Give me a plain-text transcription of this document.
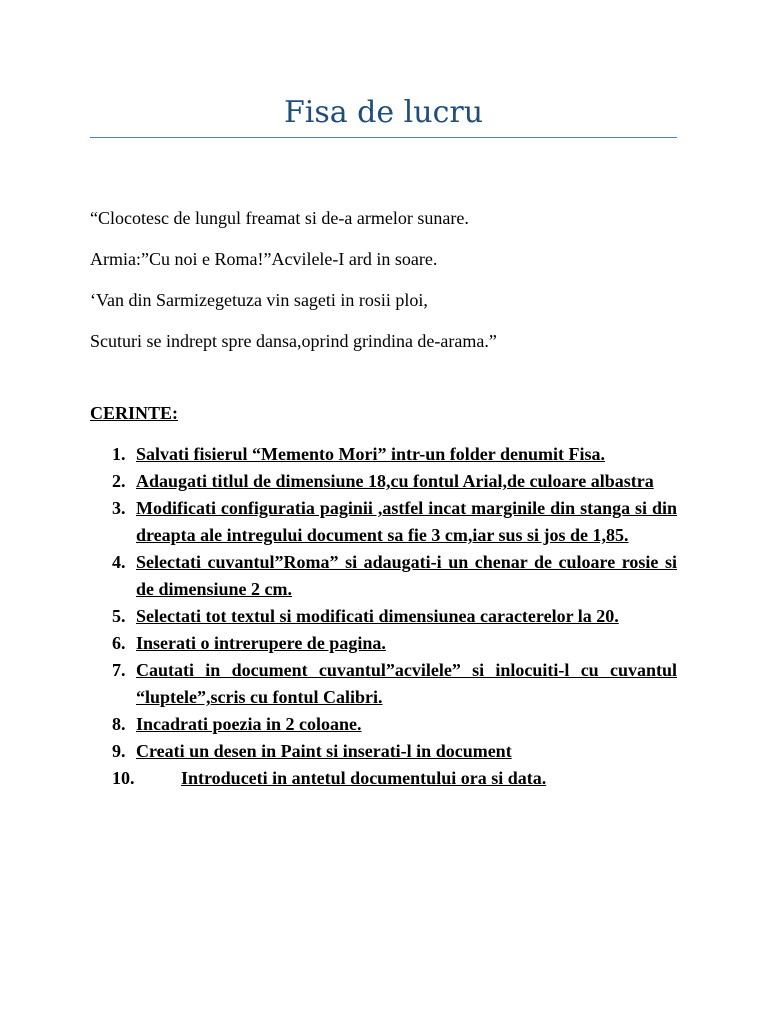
Fisa de lucru

“Clocotesc de lungul freamat si de-a armelor sunare.

Armia:”Cu noi e Roma!”Acvilele-I ard in soare.

‘Van din Sarmizegetuza vin sageti in rosii ploi,

Scuturi se indrept spre dansa,oprind grindina de-arama.”

CERINTE:
1. Salvati fisierul “Memento Mori” intr-un folder denumit Fisa.
2. Adaugati titlul de dimensiune 18,cu fontul Arial,de culoare albastra
3. Modificati configuratia paginii ,astfel incat marginile din stanga si din dreapta ale intregului document sa fie 3 cm,iar sus si jos de 1,85.
4. Selectati cuvantul”Roma” si adaugati-i un chenar de culoare rosie si de dimensiune 2 cm.
5. Selectati tot textul si modificati dimensiunea caracterelor la 20.
6. Inserati o intrerupere de pagina.
7. Cautati in document cuvantul”acvilele” si inlocuiti-l cu cuvantul “luptele”,scris cu fontul Calibri.
8. Incadrati poezia in 2 coloane.
9. Creati un desen in Paint si inserati-l in document
10.	Introduceti in antetul documentului ora si data.
